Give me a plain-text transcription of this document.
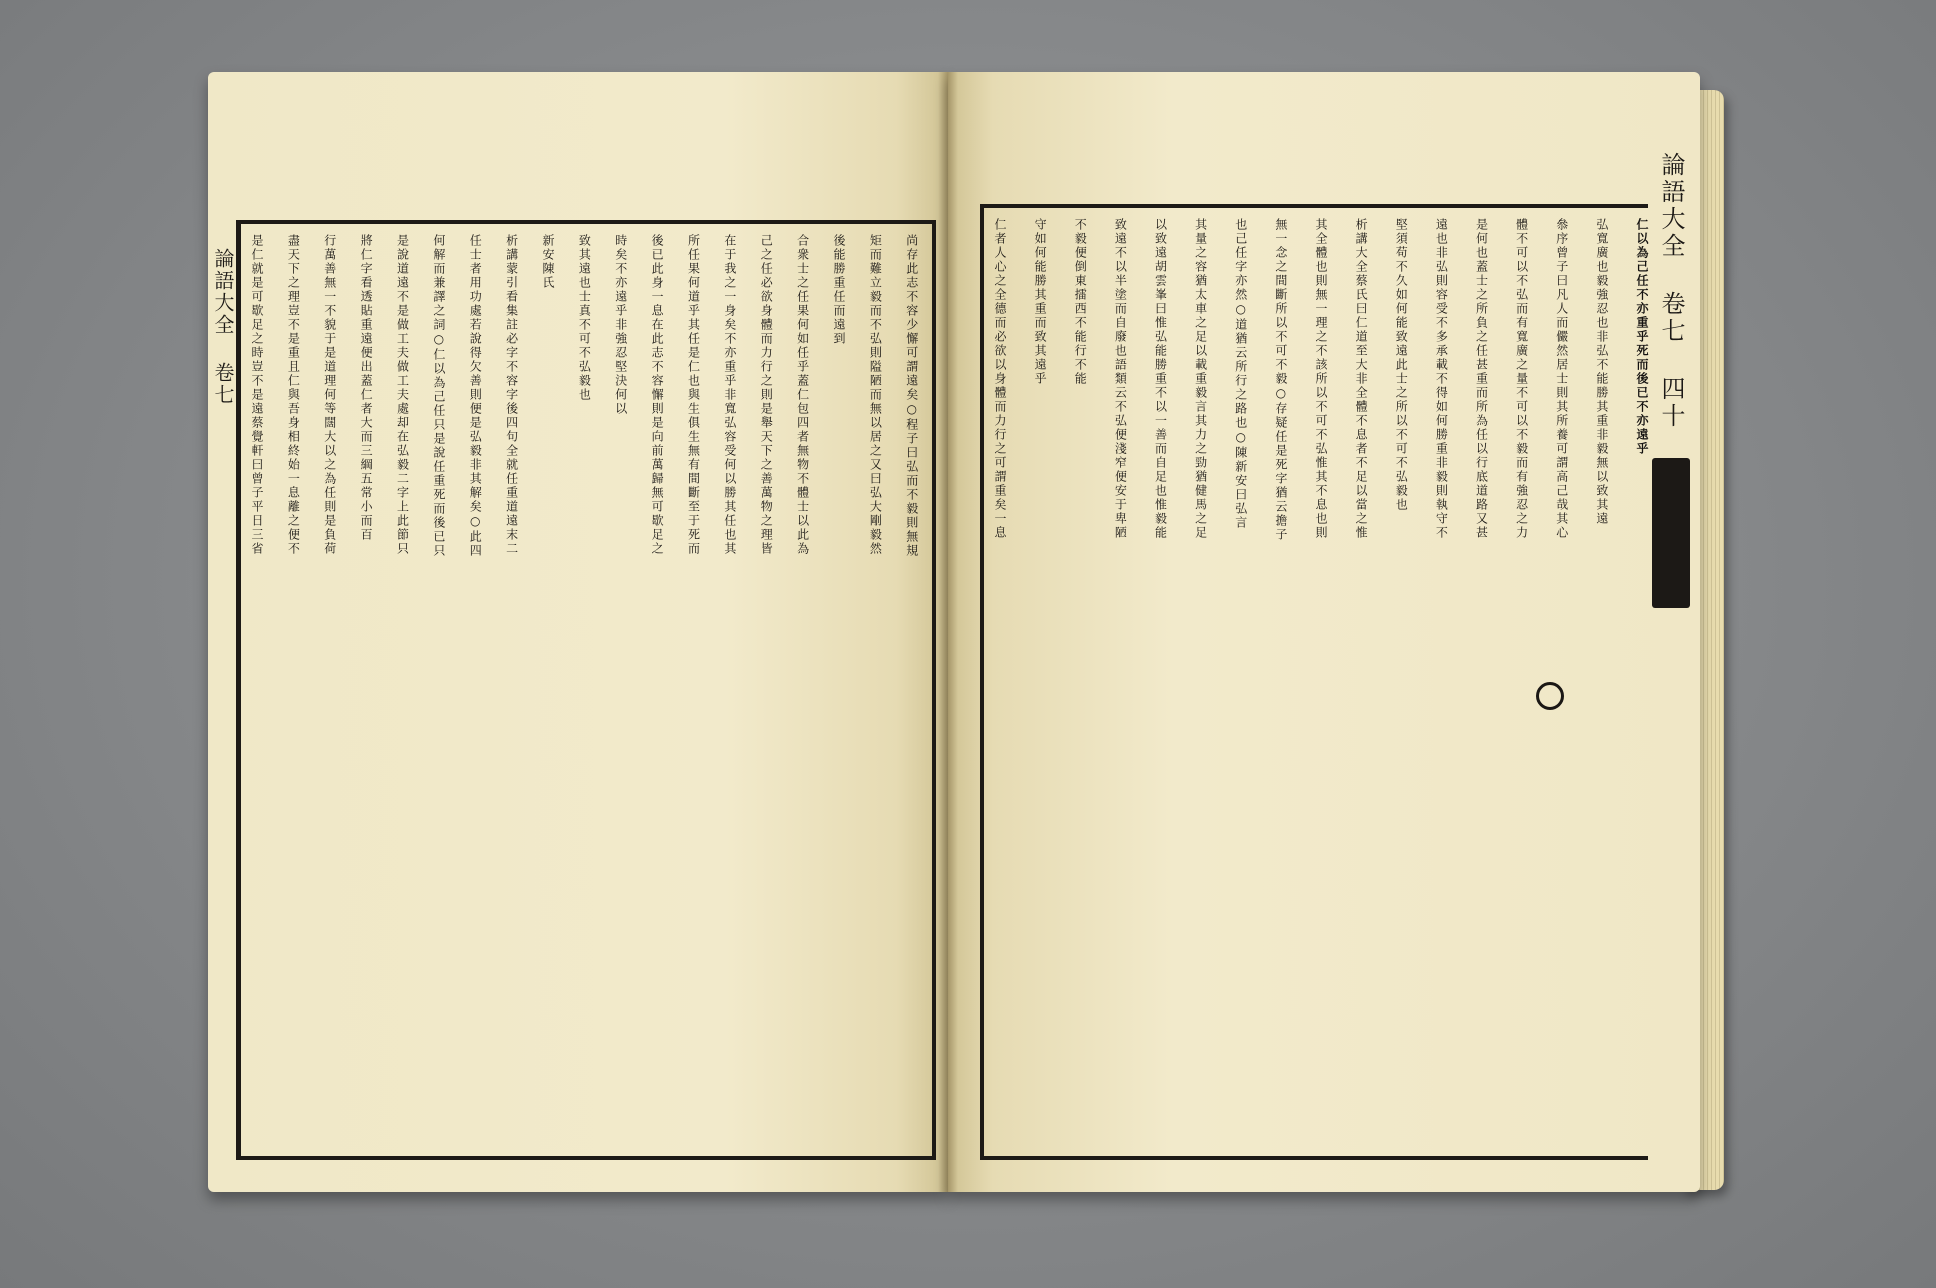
論語大全 卷七	尚存此志不容少懈可謂遠矣○程子曰弘而不毅則無規
矩而難立毅而不弘則隘陋而無以居之又曰弘大剛毅然
後能勝重任而遠到
合衆士之任果何如任乎蓋仁包四者無物不體士以此為
己之任必欲身體而力行之則是舉天下之善萬物之理皆
在于我之一身矣不亦重乎非寬弘容受何以勝其任也其
所任果何道乎其任是仁也與生俱生無有間斷至于死而
後已此身一息在此志不容懈則是向前萬歸無可歇足之
時矣不亦遠乎非強忍堅決何以
致其遠也士真不可不弘毅也
新安陳氏
析講蒙引看集註必字不容字後四句全就任重道遠末二
任士者用功處若說得欠善則便是弘毅非其解矣○此四
何解而兼譯之詞○仁以為己任只是說任重死而後已只
是說道遠不是做工夫做工夫處却在弘毅二字上此節只
將仁字看透貼重遠便出蓋仁者大而三綱五常小而百
行萬善無一不貌于是道理何等闊大以之為任則是負荷
盡天下之理豈不是重且仁與吾身相終始一息離之便不
是仁就是可歇足之時豈不是遠蔡覺軒曰曾子平日三省	仁以為己任不亦重乎死而後已不亦遠乎
弘寬廣也毅強忍也非弘不能勝其重非毅無以致其遠
叅序曾子曰凡人而儼然居士則其所養可謂高己哉其心
體不可以不弘而有寬廣之量不可以不毅而有強忍之力
是何也蓋士之所負之任甚重而所為任以行底道路又甚
遠也非弘則容受不多承載不得如何勝重非毅則執守不
堅須苟不久如何能致遠此士之所以不可不弘毅也
析講大全蔡氏曰仁道至大非全體不息者不足以當之惟
其全體也則無一理之不該所以不可不弘惟其不息也則
無一念之間斷所以不可不毅○存疑任是死字猶云擔子
也己任字亦然○道猶云所行之路也○陳新安曰弘言
其量之容猶太車之足以載重毅言其力之勁猶健馬之足
以致遠胡雲峯曰惟弘能勝重不以一善而自足也惟毅能
致遠不以半塗而自廢也語類云不弘便淺窄便安于卑陋
不毅便倒東擂西不能行不能
守如何能勝其重而致其遠乎
仁者人心之全德而必欲以身體而力行之可謂重矣一息	論語大全 卷七 四十
